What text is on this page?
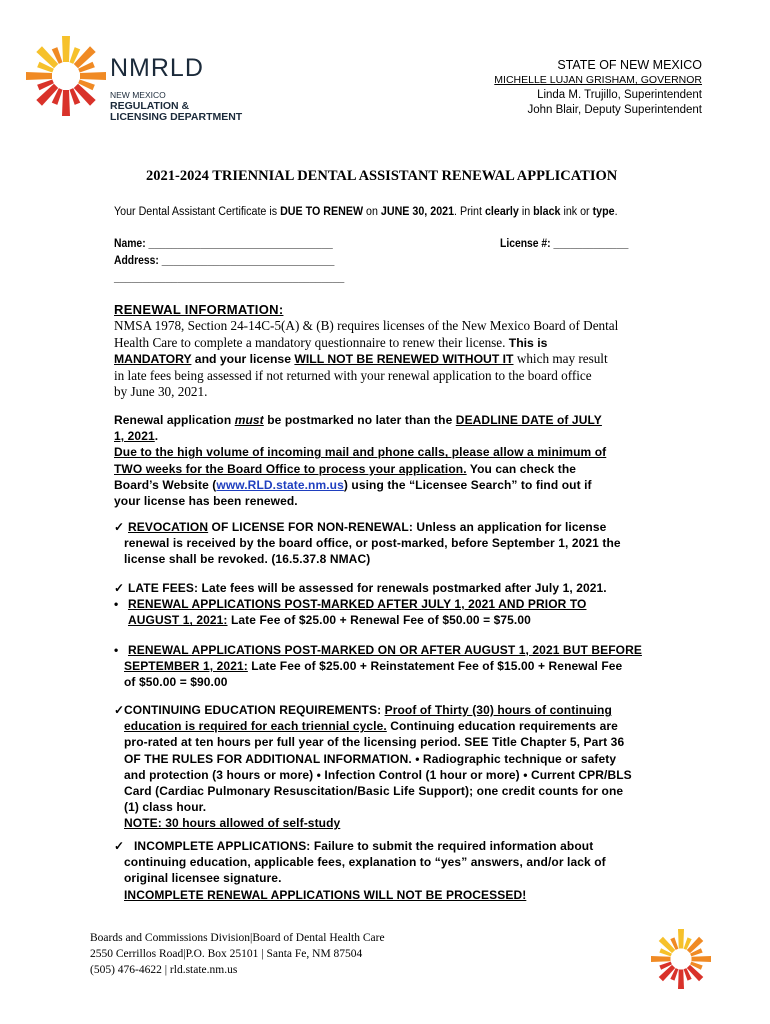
NMRLD
NEW MEXICO
REGULATION &
LICENSING DEPARTMENT
STATE OF NEW MEXICO
MICHELLE LUJAN GRISHAM, GOVERNOR
Linda M. Trujillo, Superintendent
John Blair, Deputy Superintendent
2021-2024 TRIENNIAL DENTAL ASSISTANT RENEWAL APPLICATION
Your Dental Assistant Certificate is DUE TO RENEW on JUNE 30, 2021. Print clearly in black ink or type.
Name: ________________________________	License #: _____________
Address: ______________________________
________________________________________
RENEWAL INFORMATION:
NMSA 1978, Section 24-14C-5(A) & (B) requires licenses of the New Mexico Board of Dental
Health Care to complete a mandatory questionnaire to renew their license. This is
MANDATORY and your license WILL NOT BE RENEWED WITHOUT IT which may result
in late fees being assessed if not returned with your renewal application to the board office
by June 30, 2021.
Renewal application must be postmarked no later than the DEADLINE DATE of JULY
1, 2021.
Due to the high volume of incoming mail and phone calls, please allow a minimum of
TWO weeks for the Board Office to process your application. You can check the
Board’s Website (www.RLD.state.nm.us) using the “Licensee Search” to find out if
your license has been renewed.
✓ REVOCATION OF LICENSE FOR NON-RENEWAL: Unless an application for license
renewal is received by the board office, or post-marked, before September 1, 2021 the
license shall be revoked. (16.5.37.8 NMAC)
✓ LATE FEES: Late fees will be assessed for renewals postmarked after July 1, 2021.
• RENEWAL APPLICATIONS POST-MARKED AFTER JULY 1, 2021 AND PRIOR TO
AUGUST 1, 2021: Late Fee of $25.00 + Renewal Fee of $50.00 = $75.00
• RENEWAL APPLICATIONS POST-MARKED ON OR AFTER AUGUST 1, 2021 BUT BEFORE
SEPTEMBER 1, 2021: Late Fee of $25.00 + Reinstatement Fee of $15.00 + Renewal Fee
of $50.00 = $90.00
✓CONTINUING EDUCATION REQUIREMENTS: Proof of Thirty (30) hours of continuing
education is required for each triennial cycle. Continuing education requirements are
pro-rated at ten hours per full year of the licensing period. SEE Title Chapter 5, Part 36
OF THE RULES FOR ADDITIONAL INFORMATION. • Radiographic technique or safety
and protection (3 hours or more) • Infection Control (1 hour or more) • Current CPR/BLS
Card (Cardiac Pulmonary Resuscitation/Basic Life Support); one credit counts for one
(1) class hour.
NOTE: 30 hours allowed of self-study
✓ INCOMPLETE APPLICATIONS: Failure to submit the required information about
continuing education, applicable fees, explanation to “yes” answers, and/or lack of
original licensee signature.
INCOMPLETE RENEWAL APPLICATIONS WILL NOT BE PROCESSED!
Boards and Commissions Division|Board of Dental Health Care
2550 Cerrillos Road|P.O. Box 25101 | Santa Fe, NM 87504
(505) 476-4622 | rld.state.nm.us
